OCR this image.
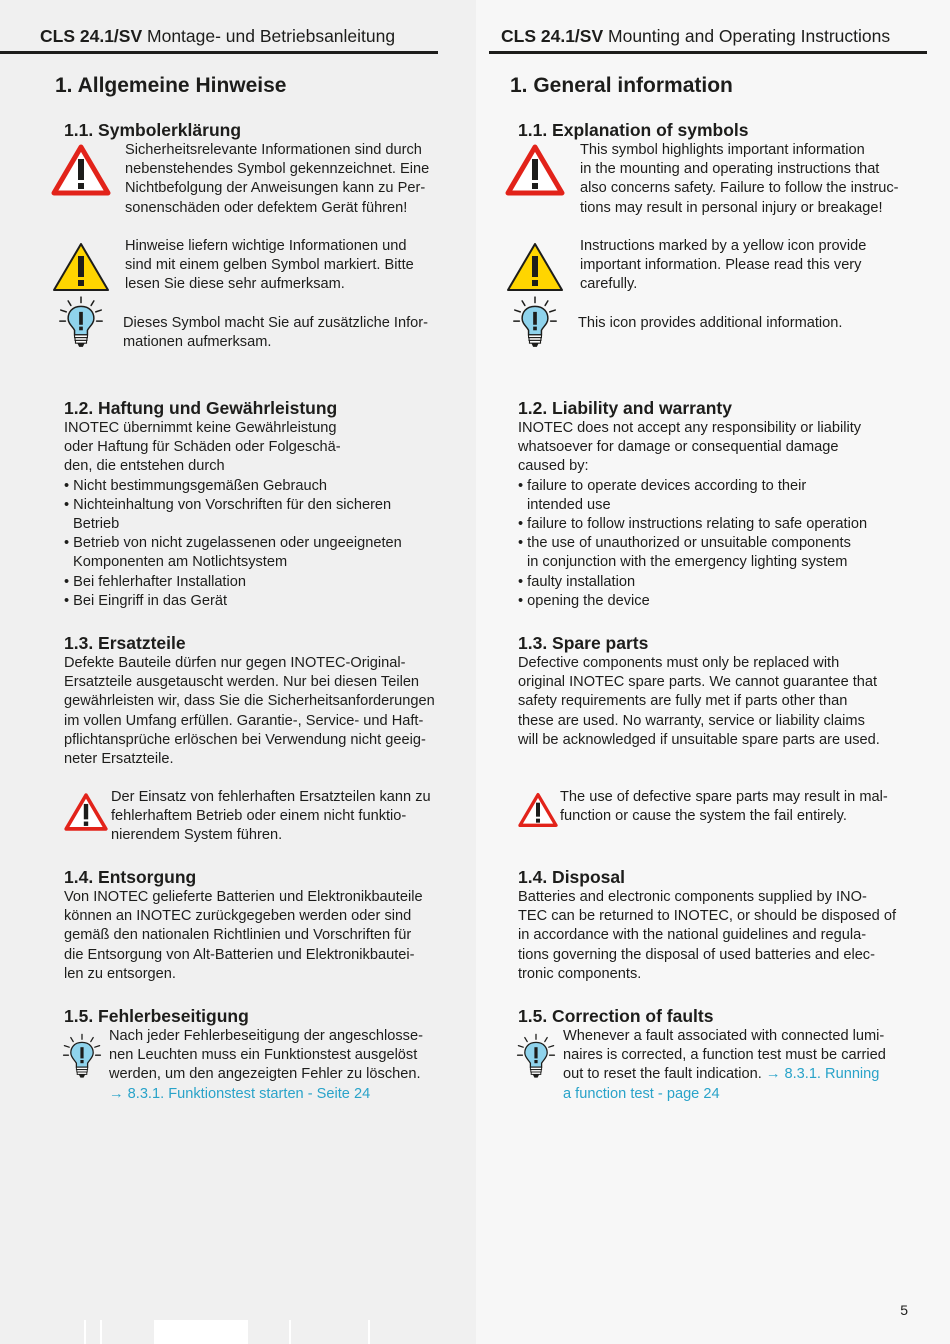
CLS 24.1/SV Montage- und Betriebsanleitung
1. Allgemeine Hinweise
1.1. Symbolerklärung
Sicherheitsrelevante Informationen sind durch
nebenstehendes Symbol gekennzeichnet. Eine
Nichtbefolgung der Anweisungen kann zu Per-
sonenschäden oder defektem Gerät führen!
Hinweise liefern wichtige Informationen und
sind mit einem gelben Symbol markiert. Bitte
lesen Sie diese sehr aufmerksam.
Dieses Symbol macht Sie auf zusätzliche Infor-
mationen aufmerksam.
1.2. Haftung und Gewährleistung
INOTEC übernimmt keine Gewährleistung
oder Haftung für Schäden oder Folgeschä-
den, die entstehen durch
• Nicht bestimmungsgemäßen Gebrauch
• Nichteinhaltung von Vorschriften für den sicheren
Betrieb
• Betrieb von nicht zugelassenen oder ungeeigneten
Komponenten am Notlichtsystem
• Bei fehlerhafter Installation
• Bei Eingriff in das Gerät
1.3. Ersatzteile
Defekte Bauteile dürfen nur gegen INOTEC-Original-
Ersatzteile ausgetauscht werden. Nur bei diesen Teilen
gewährleisten wir, dass Sie die Sicherheitsanforderungen
im vollen Umfang erfüllen. Garantie-, Service- und Haft-
pflichtansprüche erlöschen bei Verwendung nicht geeig-
neter Ersatzteile.
Der Einsatz von fehlerhaften Ersatzteilen kann zu
fehlerhaftem Betrieb oder einem nicht funktio-
nierendem System führen.
1.4. Entsorgung
Von INOTEC gelieferte Batterien und Elektronikbauteile
können an INOTEC zurückgegeben werden oder sind
gemäß den nationalen Richtlinien und Vorschriften für
die Entsorgung von Alt-Batterien und Elektronikbautei-
len zu entsorgen.
1.5. Fehlerbeseitigung
Nach jeder Fehlerbeseitigung der angeschlosse-
nen Leuchten muss ein Funktionstest ausgelöst
werden, um den angezeigten Fehler zu löschen.
→ 8.3.1. Funktionstest starten - Seite 24
CLS 24.1/SV Mounting and Operating Instructions
1. General information
1.1. Explanation of symbols
This symbol highlights important information
in the mounting and operating instructions that
also concerns safety. Failure to follow the instruc-
tions may result in personal injury or breakage!
Instructions marked by a yellow icon provide
important information. Please read this very
carefully.
This icon provides additional information.
1.2. Liability and warranty
INOTEC does not accept any responsibility or liability
whatsoever for damage or consequential damage
caused by:
• failure to operate devices according to their
intended use
• failure to follow instructions relating to safe operation
• the use of unauthorized or unsuitable components
in conjunction with the emergency lighting system
• faulty installation
• opening the device
1.3. Spare parts
Defective components must only be replaced with
original INOTEC spare parts. We cannot guarantee that
safety requirements are fully met if parts other than
these are used. No warranty, service or liability claims
will be acknowledged if unsuitable spare parts are used.
The use of defective spare parts may result in mal-
function or cause the system the fail entirely.
1.4. Disposal
Batteries and electronic components supplied by INO-
TEC can be returned to INOTEC, or should be disposed of
in accordance with the national guidelines and regula-
tions governing the disposal of used batteries and elec-
tronic components.
1.5. Correction of faults
Whenever a fault associated with connected lumi-
naires is corrected, a function test must be carried
out to reset the fault indication. → 8.3.1. Running
a function test - page 24
5
